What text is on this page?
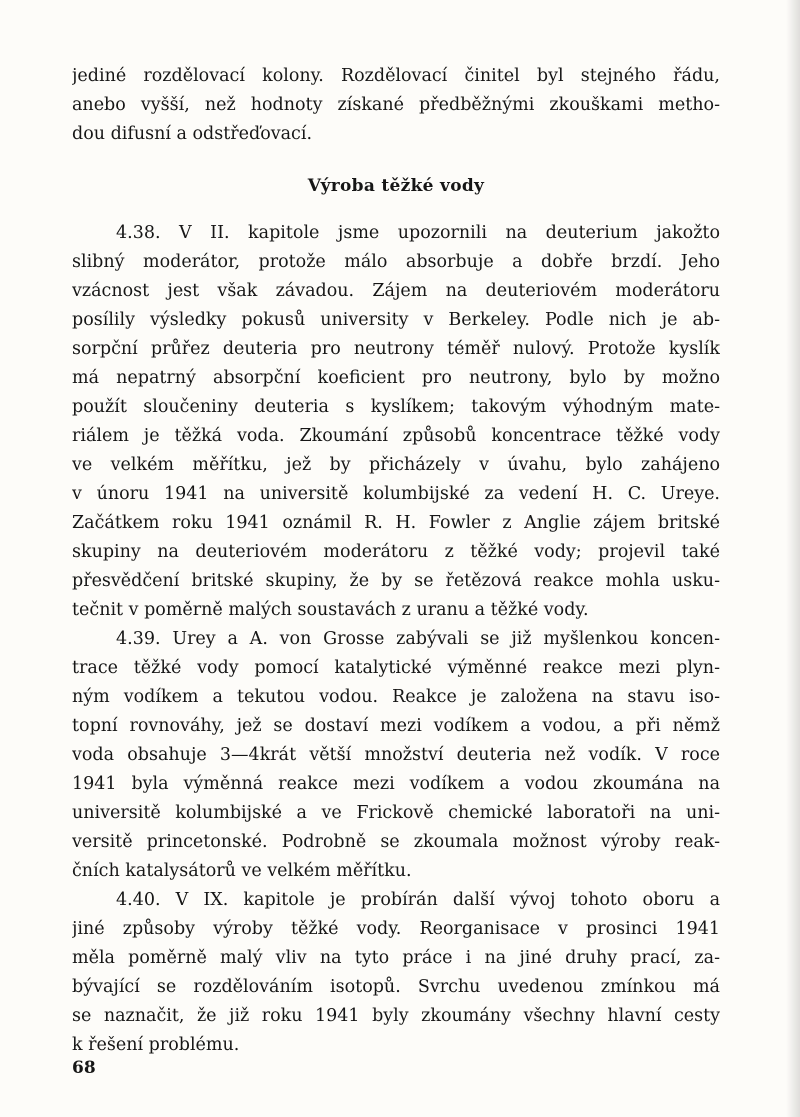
jediné rozdělovací kolony. Rozdělovací činitel byl stejného řádu,
anebo vyšší, než hodnoty získané předběžnými zkouškami metho-
dou difusní a odstřeďovací.
Výroba těžké vody
4.38. V II. kapitole jsme upozornili na deuterium jakožto
slibný moderátor, protože málo absorbuje a dobře brzdí. Jeho
vzácnost jest však závadou. Zájem na deuteriovém moderátoru
posílily výsledky pokusů university v Berkeley. Podle nich je ab-
sorpční průřez deuteria pro neutrony téměř nulový. Protože kyslík
má nepatrný absorpční koeficient pro neutrony, bylo by možno
použít sloučeniny deuteria s kyslíkem; takovým výhodným mate-
riálem je těžká voda. Zkoumání způsobů koncentrace těžké vody
ve velkém měřítku, jež by přicházely v úvahu, bylo zahájeno
v únoru 1941 na universitě kolumbijské za vedení H. C. Ureye.
Začátkem roku 1941 oznámil R. H. Fowler z Anglie zájem britské
skupiny na deuteriovém moderátoru z těžké vody; projevil také
přesvědčení britské skupiny, že by se řetězová reakce mohla usku-
tečnit v poměrně malých soustavách z uranu a těžké vody.
4.39. Urey a A. von Grosse zabývali se již myšlenkou koncen-
trace těžké vody pomocí katalytické výměnné reakce mezi plyn-
ným vodíkem a tekutou vodou. Reakce je založena na stavu iso-
topní rovnováhy, jež se dostaví mezi vodíkem a vodou, a při němž
voda obsahuje 3—4krát větší množství deuteria než vodík. V roce
1941 byla výměnná reakce mezi vodíkem a vodou zkoumána na
universitě kolumbijské a ve Frickově chemické laboratoři na uni-
versitě princetonské. Podrobně se zkoumala možnost výroby reak-
čních katalysátorů ve velkém měřítku.
4.40. V IX. kapitole je probírán další vývoj tohoto oboru a
jiné způsoby výroby těžké vody. Reorganisace v prosinci 1941
měla poměrně malý vliv na tyto práce i na jiné druhy prací, za-
bývající se rozdělováním isotopů. Svrchu uvedenou zmínkou má
se naznačit, že již roku 1941 byly zkoumány všechny hlavní cesty
k řešení problému.
68
